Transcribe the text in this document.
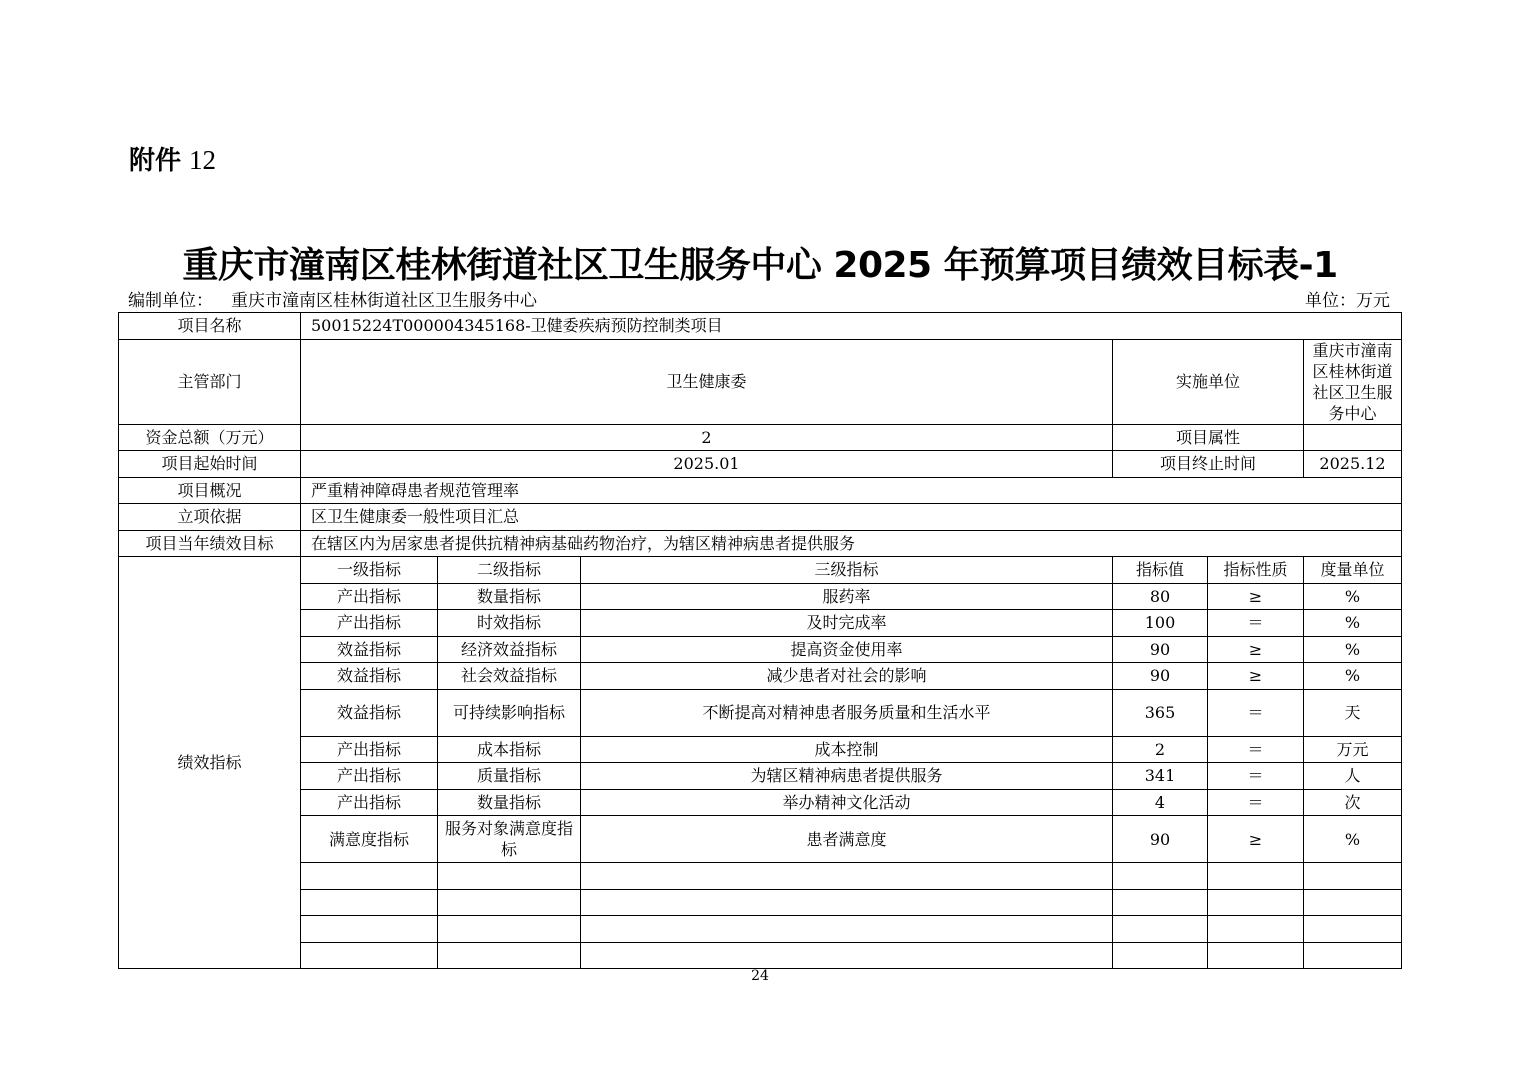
附件 12
重庆市潼南区桂林街道社区卫生服务中心 2025 年预算项目绩效目标表-1
编制单位： 重庆市潼南区桂林街道社区卫生服务中心	单位：万元
项目名称	50015224T000004345168-卫健委疾病预防控制类项目					
主管部门	卫生健康委			实施单位		重庆市潼南区桂林街道社区卫生服务中心
资金总额（万元）	2			项目属性		
项目起始时间	2025.01			项目终止时间		2025.12
项目概况	严重精神障碍患者规范管理率					
立项依据	区卫生健康委一般性项目汇总					
项目当年绩效目标	在辖区内为居家患者提供抗精神病基础药物治疗，为辖区精神病患者提供服务					
绩效指标	一级指标	二级指标	三级指标	指标值	指标性质	度量单位
	产出指标	数量指标	服药率	80	≥	%
	产出指标	时效指标	及时完成率	100	＝	%
	效益指标	经济效益指标	提高资金使用率	90	≥	%
	效益指标	社会效益指标	减少患者对社会的影响	90	≥	%
	效益指标	可持续影响指标	不断提高对精神患者服务质量和生活水平	365	＝	天
	产出指标	成本指标	成本控制	2	＝	万元
	产出指标	质量指标	为辖区精神病患者提供服务	341	＝	人
	产出指标	数量指标	举办精神文化活动	4	＝	次
	满意度指标	服务对象满意度指标	患者满意度	90	≥	%

24
